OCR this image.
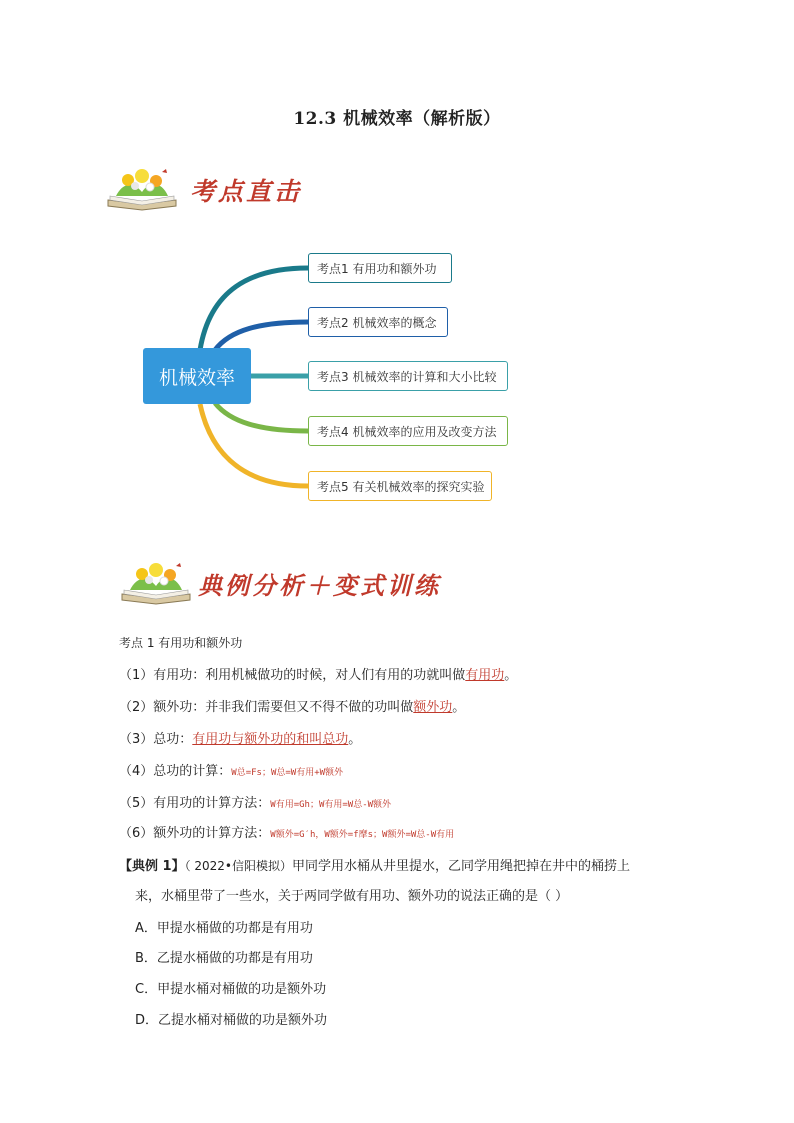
12.3 机械效率（解析版）
考点直击
机械效率
考点1 有用功和额外功
考点2 机械效率的概念
考点3 机械效率的计算和大小比较
考点4 机械效率的应用及改变方法
考点5 有关机械效率的探究实验
典例分析＋变式训练
考点 1 有用功和额外功
（1）有用功：利用机械做功的时候，对人们有用的功就叫做有用功。
（2）额外功：并非我们需要但又不得不做的功叫做额外功。
（3）总功：有用功与额外功的和叫总功。
（4）总功的计算：W总=Fs；W总=W有用+W额外
（5）有用功的计算方法：W有用=Gh；W有用=W总-W额外
（6）额外功的计算方法：W额外=G′h，W额外=f摩s；W额外=W总-W有用
【典例 1】（ 2022•信阳模拟）甲同学用水桶从井里提水，乙同学用绳把掉在井中的桶捞上
来，水桶里带了一些水，关于两同学做有用功、额外功的说法正确的是（ ）
A．甲提水桶做的功都是有用功
B．乙提水桶做的功都是有用功
C．甲提水桶对桶做的功是额外功
D．乙提水桶对桶做的功是额外功
